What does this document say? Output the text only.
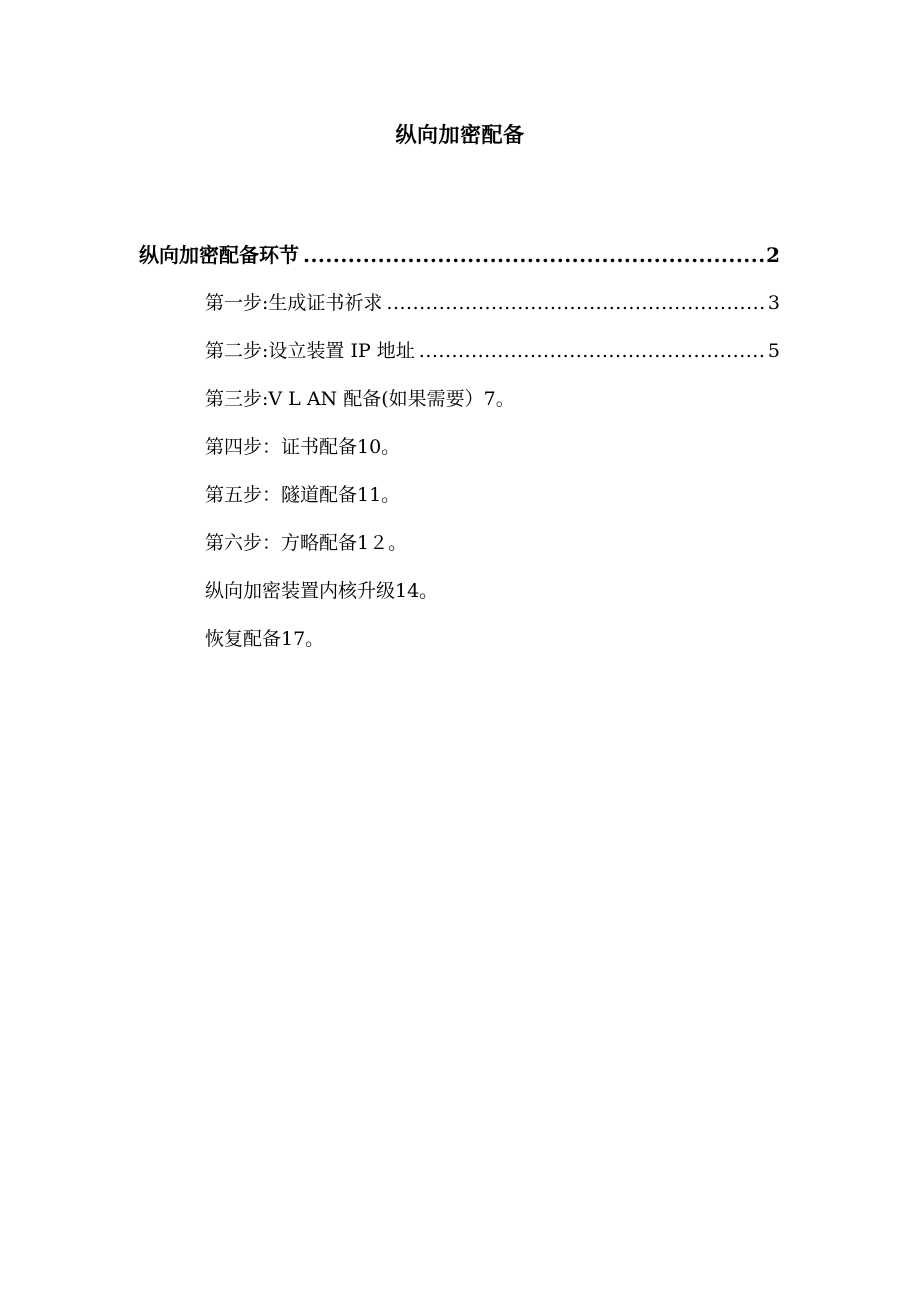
纵向加密配备
纵向加密配备环节 .....	2
第一步:生成证书祈求 .....	3
第二步:设立装置 IP 地址 .....	5
第三步:V L AN 配备(如果需要）7。
第四步：证书配备10。
第五步：隧道配备11。
第六步：方略配备1２。
纵向加密装置内核升级14。
恢复配备17。
